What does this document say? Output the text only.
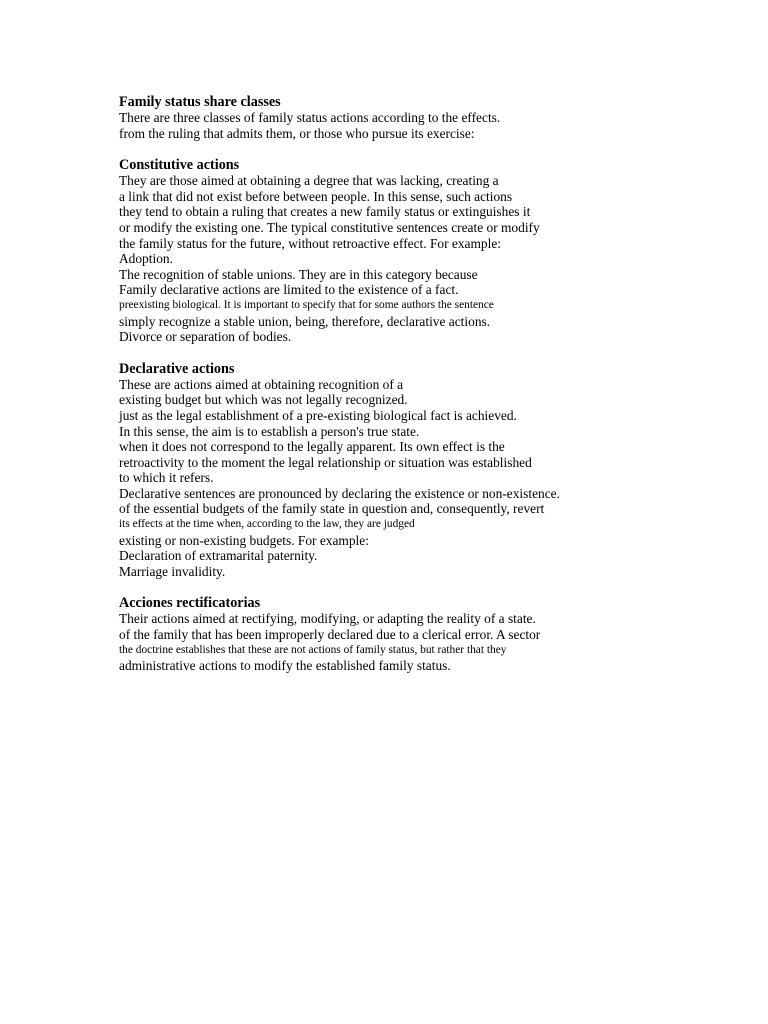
Family status share classes

There are three classes of family status actions according to the effects.

from the ruling that admits them, or those who pursue its exercise:

Constitutive actions

They are those aimed at obtaining a degree that was lacking, creating a

a link that did not exist before between people. In this sense, such actions

they tend to obtain a ruling that creates a new family status or extinguishes it

or modify the existing one. The typical constitutive sentences create or modify

the family status for the future, without retroactive effect. For example:

Adoption.

The recognition of stable unions. They are in this category because

Family declarative actions are limited to the existence of a fact.

preexisting biological. It is important to specify that for some authors the sentence

simply recognize a stable union, being, therefore, declarative actions.

Divorce or separation of bodies.

Declarative actions

These are actions aimed at obtaining recognition of a

existing budget but which was not legally recognized.

just as the legal establishment of a pre-existing biological fact is achieved.

In this sense, the aim is to establish a person's true state.

when it does not correspond to the legally apparent. Its own effect is the

retroactivity to the moment the legal relationship or situation was established

to which it refers.

Declarative sentences are pronounced by declaring the existence or non-existence.

of the essential budgets of the family state in question and, consequently, revert

its effects at the time when, according to the law, they are judged

existing or non-existing budgets. For example:

Declaration of extramarital paternity.

Marriage invalidity.

Acciones rectificatorias

Their actions aimed at rectifying, modifying, or adapting the reality of a state.

of the family that has been improperly declared due to a clerical error. A sector

the doctrine establishes that these are not actions of family status, but rather that they

administrative actions to modify the established family status.
